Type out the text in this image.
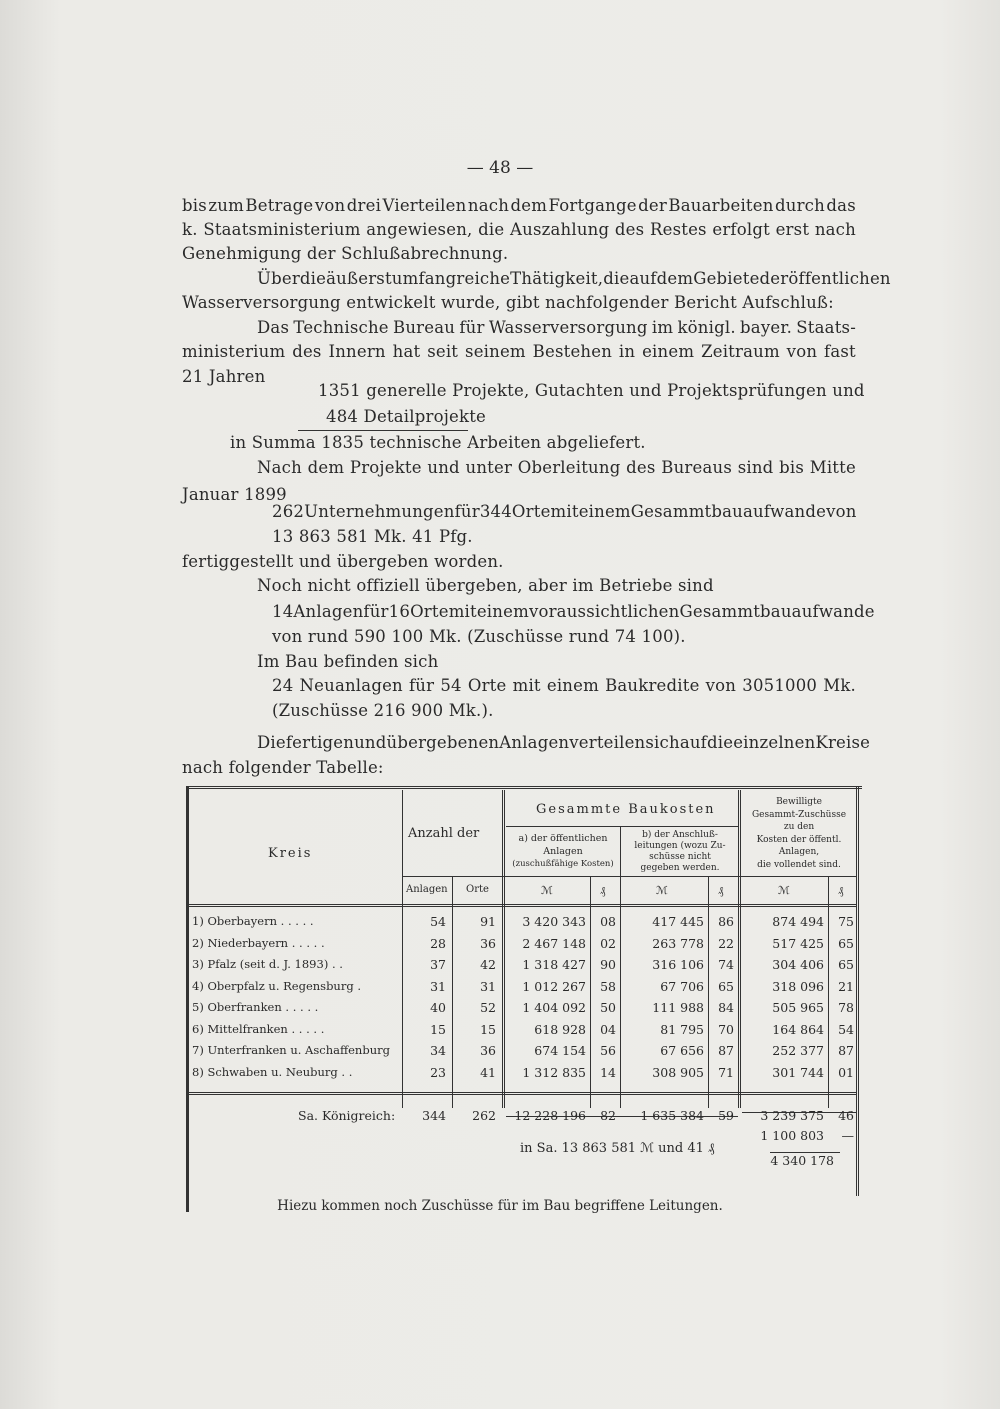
— 48 —
bis zum Betrage von drei Vierteilen nach dem Fortgange der Bauarbeiten durch das
k. Staatsministerium angewiesen, die Auszahlung des Restes erfolgt erst nach
Genehmigung der Schlußabrechnung.
Über die äußerst umfangreiche Thätigkeit, die auf dem Gebiete der öffentlichen
Wasserversorgung entwickelt wurde, gibt nachfolgender Bericht Aufschluß:
Das Technische Bureau für Wasserversorgung im königl. bayer. Staats-
ministerium des Innern hat seit seinem Bestehen in einem Zeitraum von fast
21 Jahren
1351 generelle Projekte, Gutachten und Projektsprüfungen und
484 Detailprojekte
in Summa 1835 technische Arbeiten abgeliefert.
Nach dem Projekte und unter Oberleitung des Bureaus sind bis Mitte
Januar 1899
262 Unternehmungen für 344 Orte mit einem Gesammtbauaufwande von
13 863 581 Mk. 41 Pfg.
fertiggestellt und übergeben worden.
Noch nicht offiziell übergeben, aber im Betriebe sind
14 Anlagen für 16 Orte mit einem voraussichtlichen Gesammtbauaufwande
von rund 590 100 Mk. (Zuschüsse rund 74 100).
Im Bau befinden sich
24 Neuanlagen für 54 Orte mit einem Baukredite von 3051000 Mk.
(Zuschüsse 216 900 Mk.).
Die fertigen und übergebenen Anlagen verteilen sich auf die einzelnen Kreise
nach folgender Tabelle:
Kreis
Anzahl der
Anlagen Orte
Gesammte Baukosten
a) der öffentlichen
Anlagen
(zuschußfähige Kosten)
b) der Anschluß-
leitungen (wozu Zu-
schüsse nicht
gegeben werden.
Bewilligte
Gesammt-Zuschüsse
zu den
Kosten der öffentl.
Anlagen,
die vollendet sind.
ℳ	₰	ℳ	₰	ℳ	₰
1) Oberbayern . . . . .	54	91	3 420 343	08	417 445	86	874 494	75
2) Niederbayern . . . . .	28	36	2 467 148	02	263 778	22	517 425	65
3) Pfalz (seit d. J. 1893) . .	37	42	1 318 427	90	316 106	74	304 406	65
4) Oberpfalz u. Regensburg .	31	31	1 012 267	58	67 706	65	318 096	21
5) Oberfranken . . . . .	40	52	1 404 092	50	111 988	84	505 965	78
6) Mittelfranken . . . . .	15	15	618 928	04	81 795	70	164 864	54
7) Unterfranken u. Aschaffenburg	34	36	674 154	56	67 656	87	252 377	87
8) Schwaben u. Neuburg . .	23	41	1 312 835	14	308 905	71	301 744	01
Sa. Königreich:	344	262	12 228 196	82	1 635 384	59	3 239 375	46
1 100 803	—
4 340 178
in Sa. 13 863 581 ℳ und 41 ₰
Hiezu kommen noch Zuschüsse für im Bau begriffene Leitungen.
